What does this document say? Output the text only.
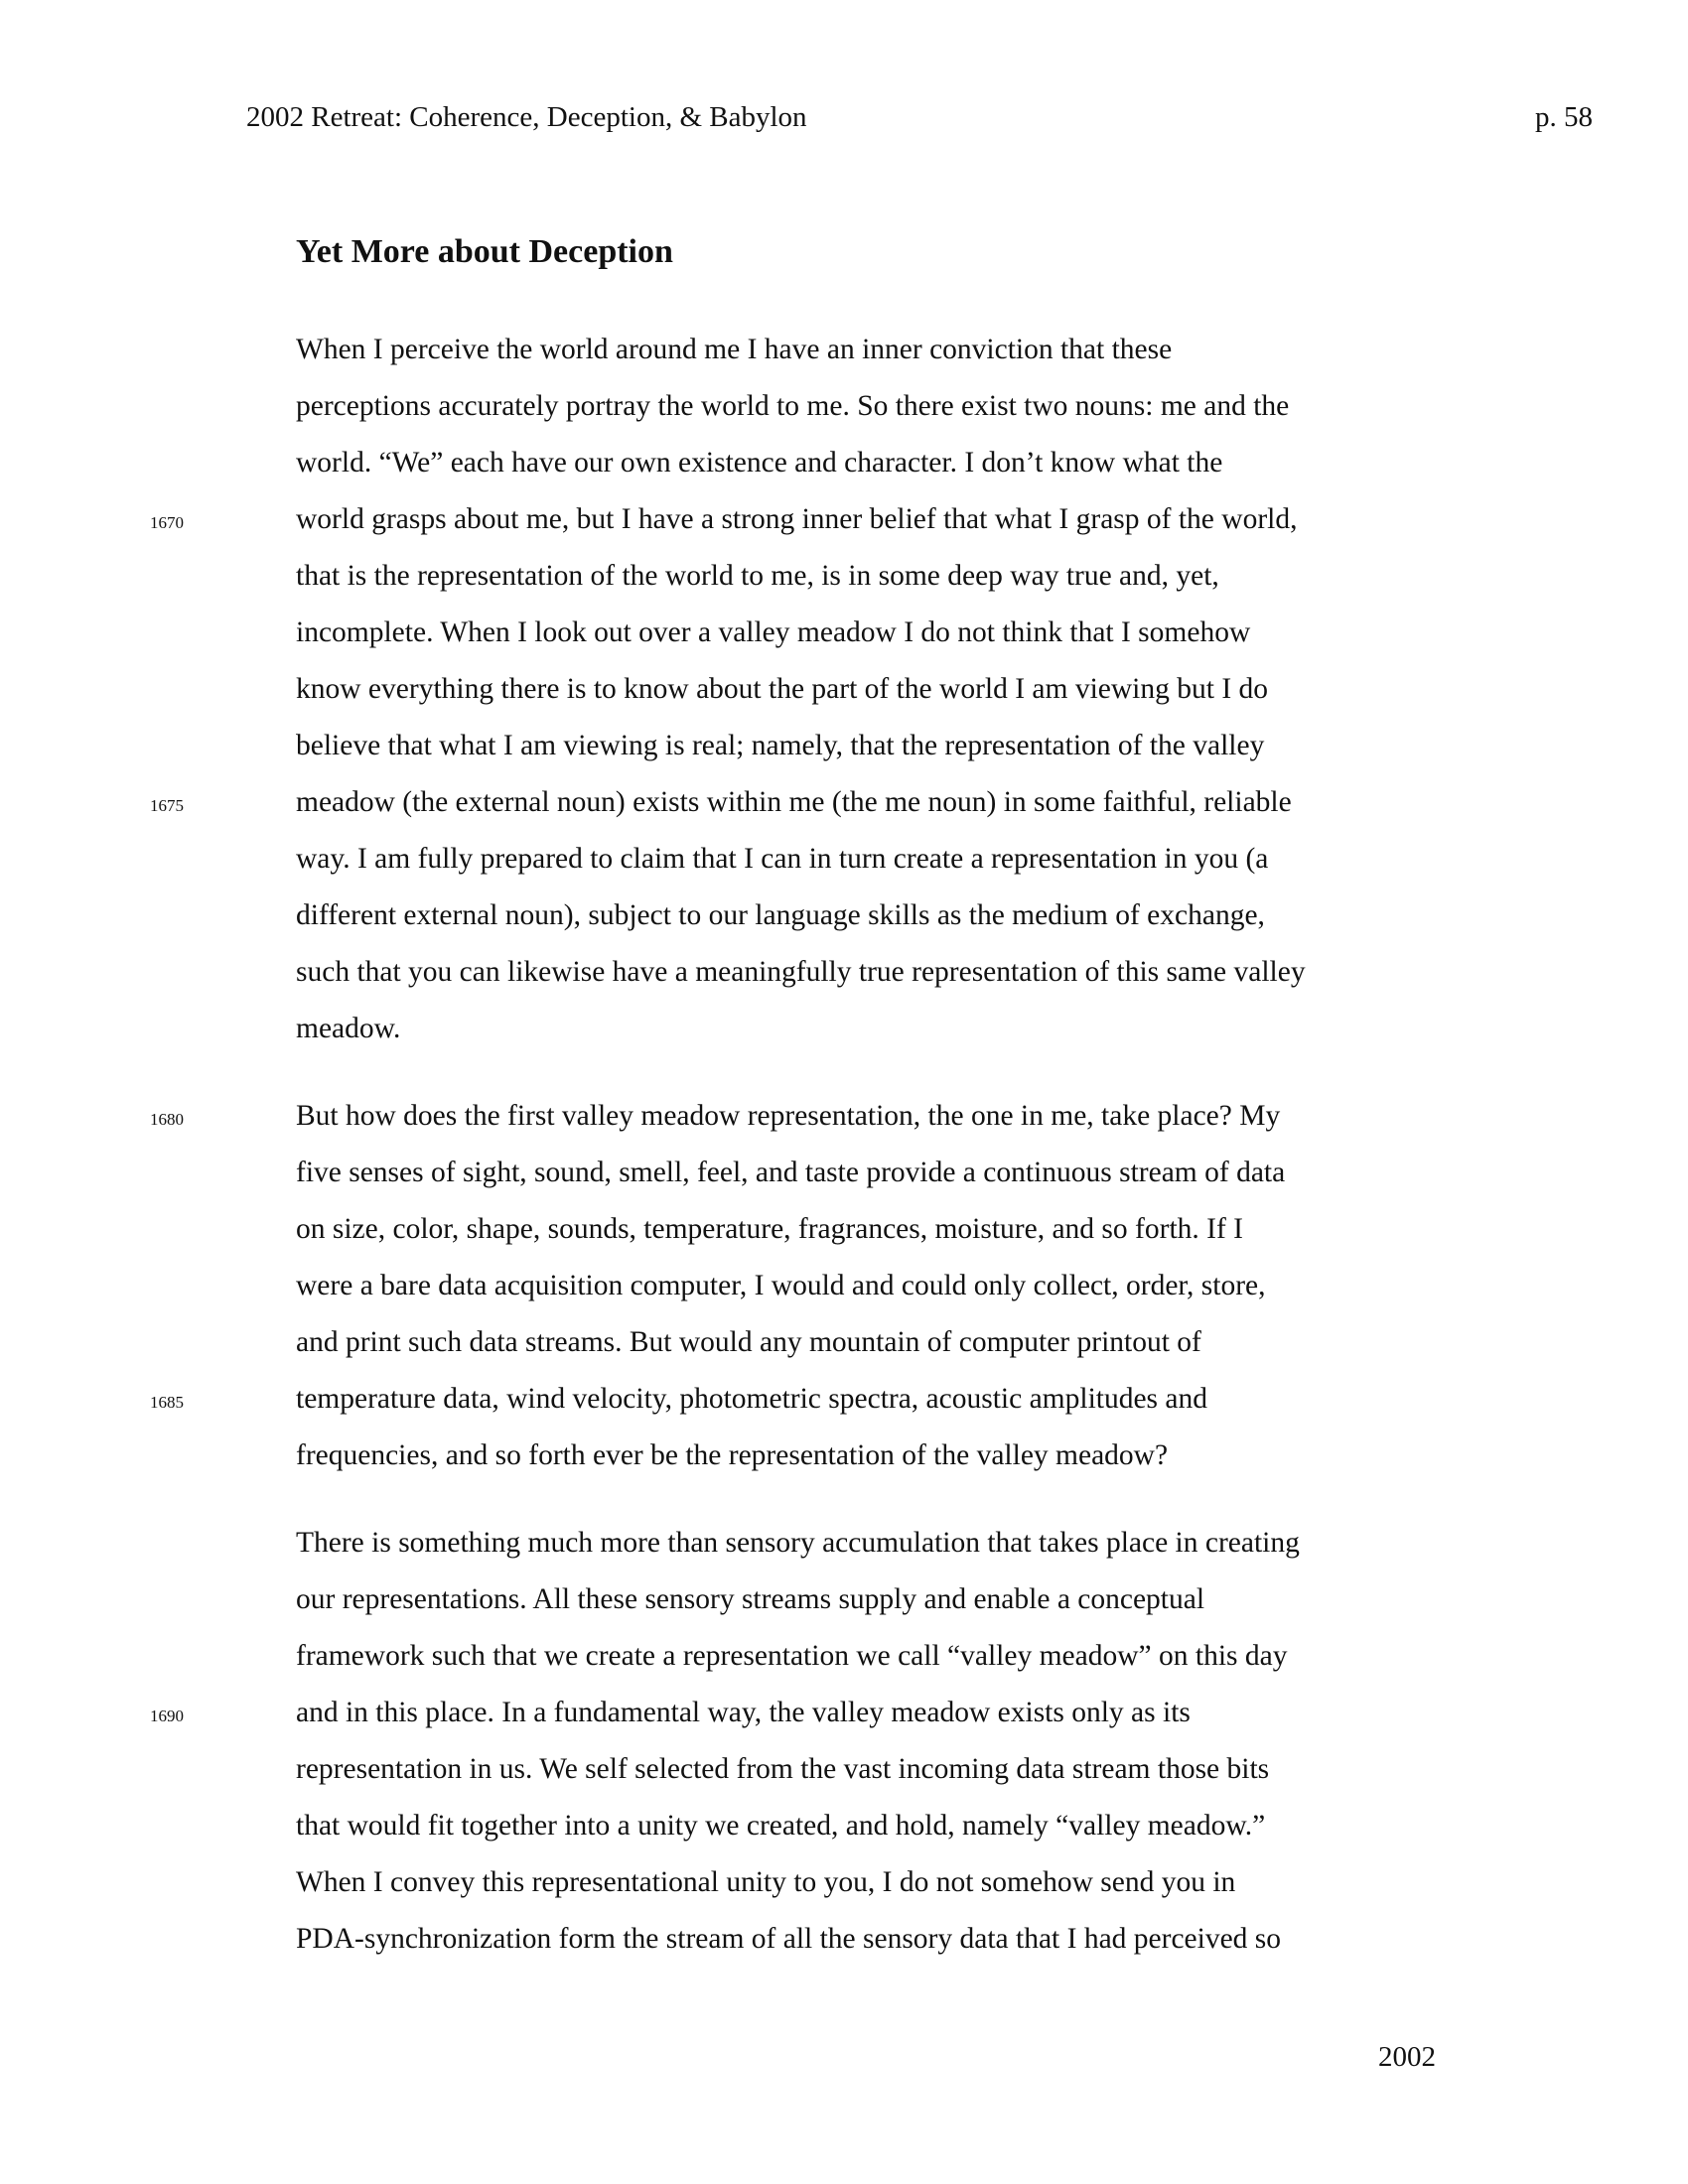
2002 Retreat: Coherence, Deception, & Babylon	p. 58
Yet More about Deception
When I perceive the world around me I have an inner conviction that these
perceptions accurately portray the world to me. So there exist two nouns: me and the
world. “We” each have our own existence and character. I don’t know what the
world grasps about me, but I have a strong inner belief that what I grasp of the world,
that is the representation of the world to me, is in some deep way true and, yet,
incomplete. When I look out over a valley meadow I do not think that I somehow
know everything there is to know about the part of the world I am viewing but I do
believe that what I am viewing is real; namely, that the representation of the valley
meadow (the external noun) exists within me (the me noun) in some faithful, reliable
way. I am fully prepared to claim that I can in turn create a representation in you (a
different external noun), subject to our language skills as the medium of exchange,
such that you can likewise have a meaningfully true representation of this same valley
meadow.
But how does the first valley meadow representation, the one in me, take place? My
five senses of sight, sound, smell, feel, and taste provide a continuous stream of data
on size, color, shape, sounds, temperature, fragrances, moisture, and so forth. If I
were a bare data acquisition computer, I would and could only collect, order, store,
and print such data streams. But would any mountain of computer printout of
temperature data, wind velocity, photometric spectra, acoustic amplitudes and
frequencies, and so forth ever be the representation of the valley meadow?
There is something much more than sensory accumulation that takes place in creating
our representations. All these sensory streams supply and enable a conceptual
framework such that we create a representation we call “valley meadow” on this day
and in this place. In a fundamental way, the valley meadow exists only as its
representation in us. We self selected from the vast incoming data stream those bits
that would fit together into a unity we created, and hold, namely “valley meadow.”
When I convey this representational unity to you, I do not somehow send you in
PDA-synchronization form the stream of all the sensory data that I had perceived so
1670
1675
1680
1685
1690
2002
